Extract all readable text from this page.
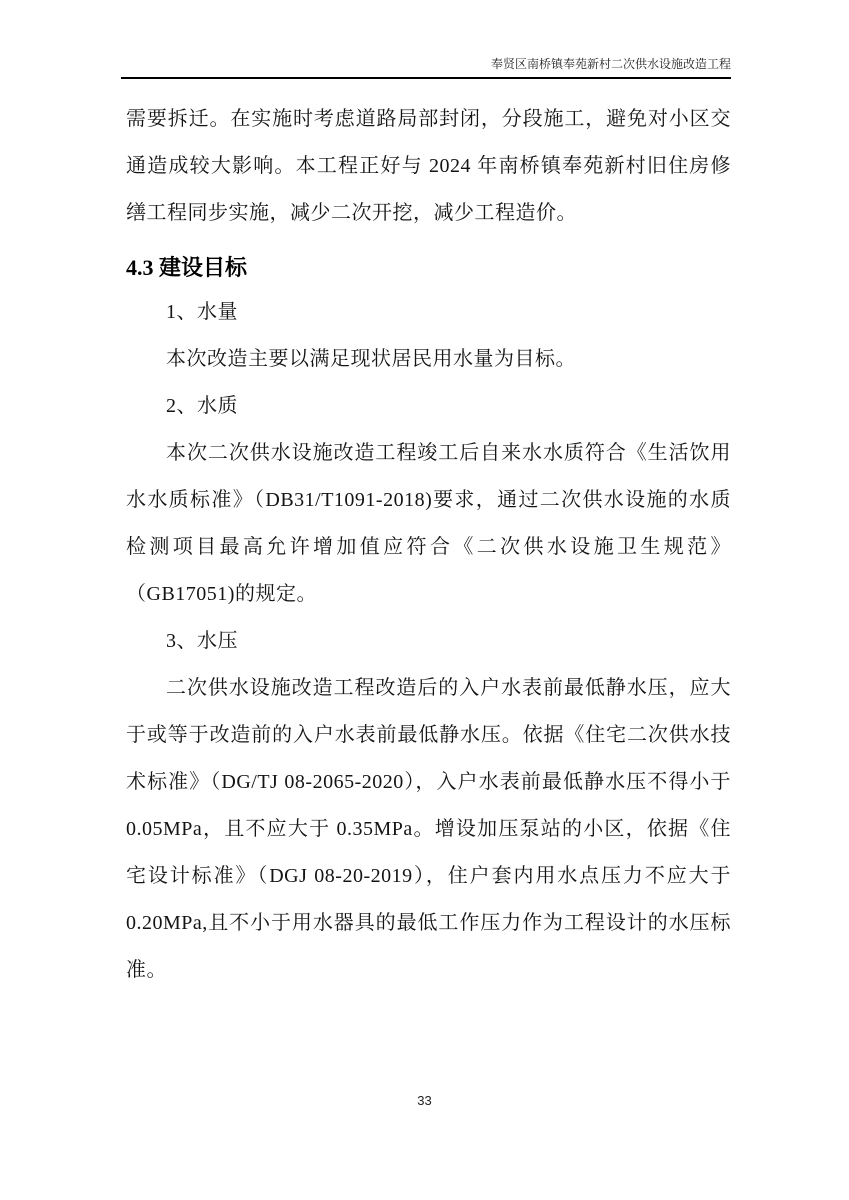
奉贤区南桥镇奉苑新村二次供水设施改造工程

需要拆迁。在实施时考虑道路局部封闭，分段施工，避免对小区交通造成较大影响。本工程正好与 2024 年南桥镇奉苑新村旧住房修缮工程同步实施，减少二次开挖，减少工程造价。

4.3 建设目标

1、水量

本次改造主要以满足现状居民用水量为目标。

2、水质

本次二次供水设施改造工程竣工后自来水水质符合《生活饮用水水质标准》（DB31/T1091-2018)要求，通过二次供水设施的水质检测项目最高允许增加值应符合《二次供水设施卫生规范》（GB17051)的规定。

3、水压

二次供水设施改造工程改造后的入户水表前最低静水压，应大于或等于改造前的入户水表前最低静水压。依据《住宅二次供水技术标准》（DG/TJ 08-2065-2020），入户水表前最低静水压不得小于 0.05MPa，且不应大于 0.35MPa。增设加压泵站的小区，依据《住宅设计标准》（DGJ 08-20-2019），住户套内用水点压力不应大于 0.20MPa,且不小于用水器具的最低工作压力作为工程设计的水压标准。

33
